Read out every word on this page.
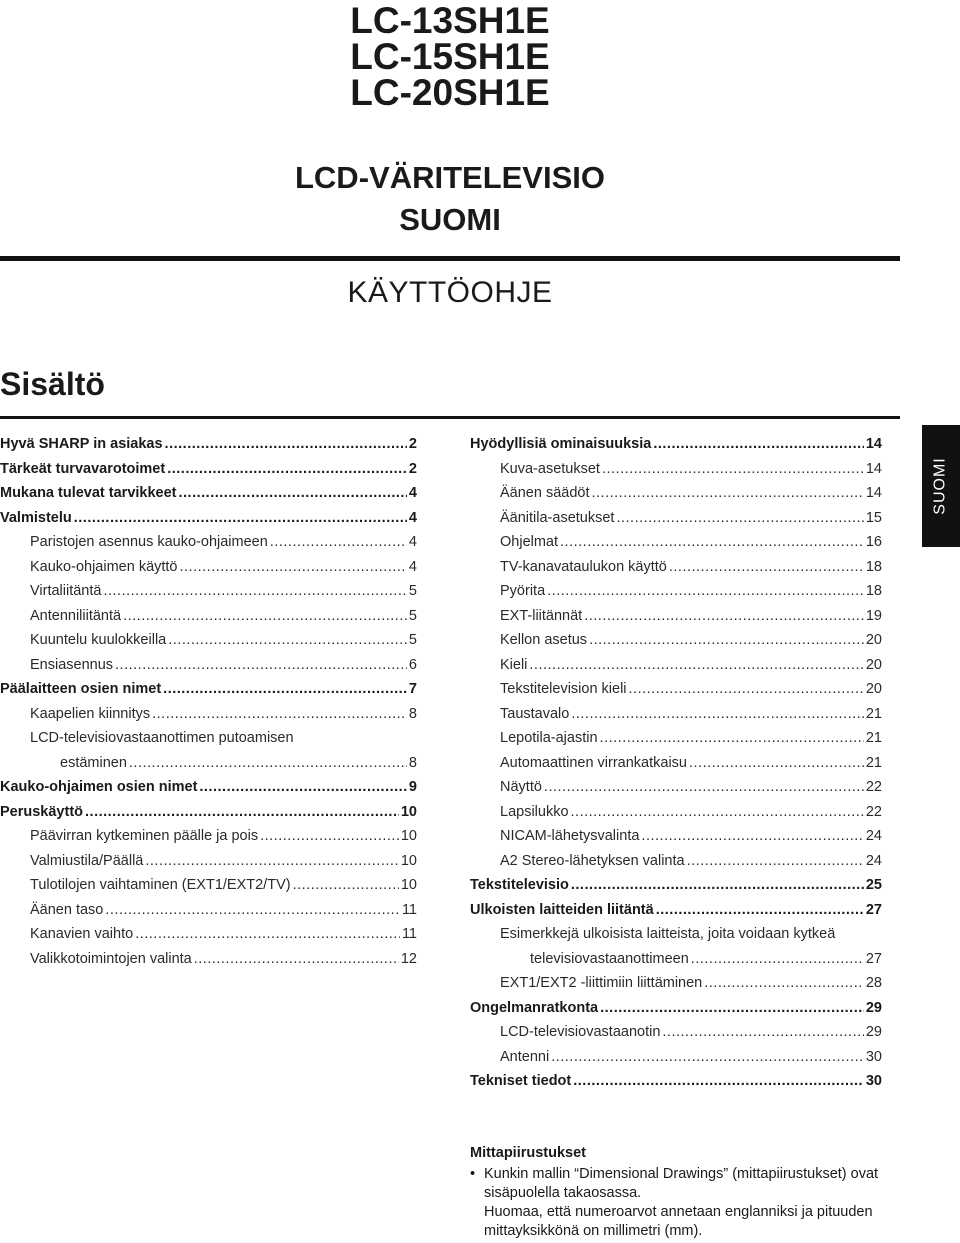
LC-13SH1E
LC-15SH1E
LC-20SH1E
LCD-VÄRITELEVISIO
SUOMI
KÄYTTÖOHJE
Sisältö
Hyvä SHARP in asiakas .....	2
Tärkeät turvavarotoimet .....	2
Mukana tulevat tarvikkeet .....	4
Valmistelu .....	4
Paristojen asennus kauko-ohjaimeen .....	4
Kauko-ohjaimen käyttö .....	4
Virtaliitäntä .....	5
Antenniliitäntä .....	5
Kuuntelu kuulokkeilla .....	5
Ensiasennus .....	6
Päälaitteen osien nimet .....	7
Kaapelien kiinnitys .....	8
LCD-televisiovastaanottimen putoamisen
estäminen .....	8
Kauko-ohjaimen osien nimet .....	9
Peruskäyttö .....	10
Päävirran kytkeminen päälle ja pois .....	10
Valmiustila/Päällä .....	10
Tulotilojen vaihtaminen (EXT1/EXT2/TV) .....	10
Äänen taso .....	11
Kanavien vaihto .....	11
Valikkotoimintojen valinta .....	12
Hyödyllisiä ominaisuuksia .....	14
Kuva-asetukset .....	14
Äänen säädöt .....	14
Äänitila-asetukset .....	15
Ohjelmat .....	16
TV-kanavataulukon käyttö .....	18
Pyörita .....	18
EXT-liitännät .....	19
Kellon asetus .....	20
Kieli .....	20
Tekstitelevision kieli .....	20
Taustavalo .....	21
Lepotila-ajastin .....	21
Automaattinen virrankatkaisu .....	21
Näyttö .....	22
Lapsilukko .....	22
NICAM-lähetysvalinta .....	24
A2 Stereo-lähetyksen valinta .....	24
Tekstitelevisio .....	25
Ulkoisten laitteiden liitäntä .....	27
Esimerkkejä ulkoisista laitteista, joita voidaan kytkeä
televisiovastaanottimeen .....	27
EXT1/EXT2 -liittimiin liittäminen .....	28
Ongelmanratkonta .....	29
LCD-televisiovastaanotin .....	29
Antenni .....	30
Tekniset tiedot .....	30
SUOMI
Mittapiirustukset
• Kunkin mallin “Dimensional Drawings” (mittapiirustukset) ovat sisäpuolella takaosassa.
Huomaa, että numeroarvot annetaan englanniksi ja pituuden mittayksikkönä on millimetri (mm).
